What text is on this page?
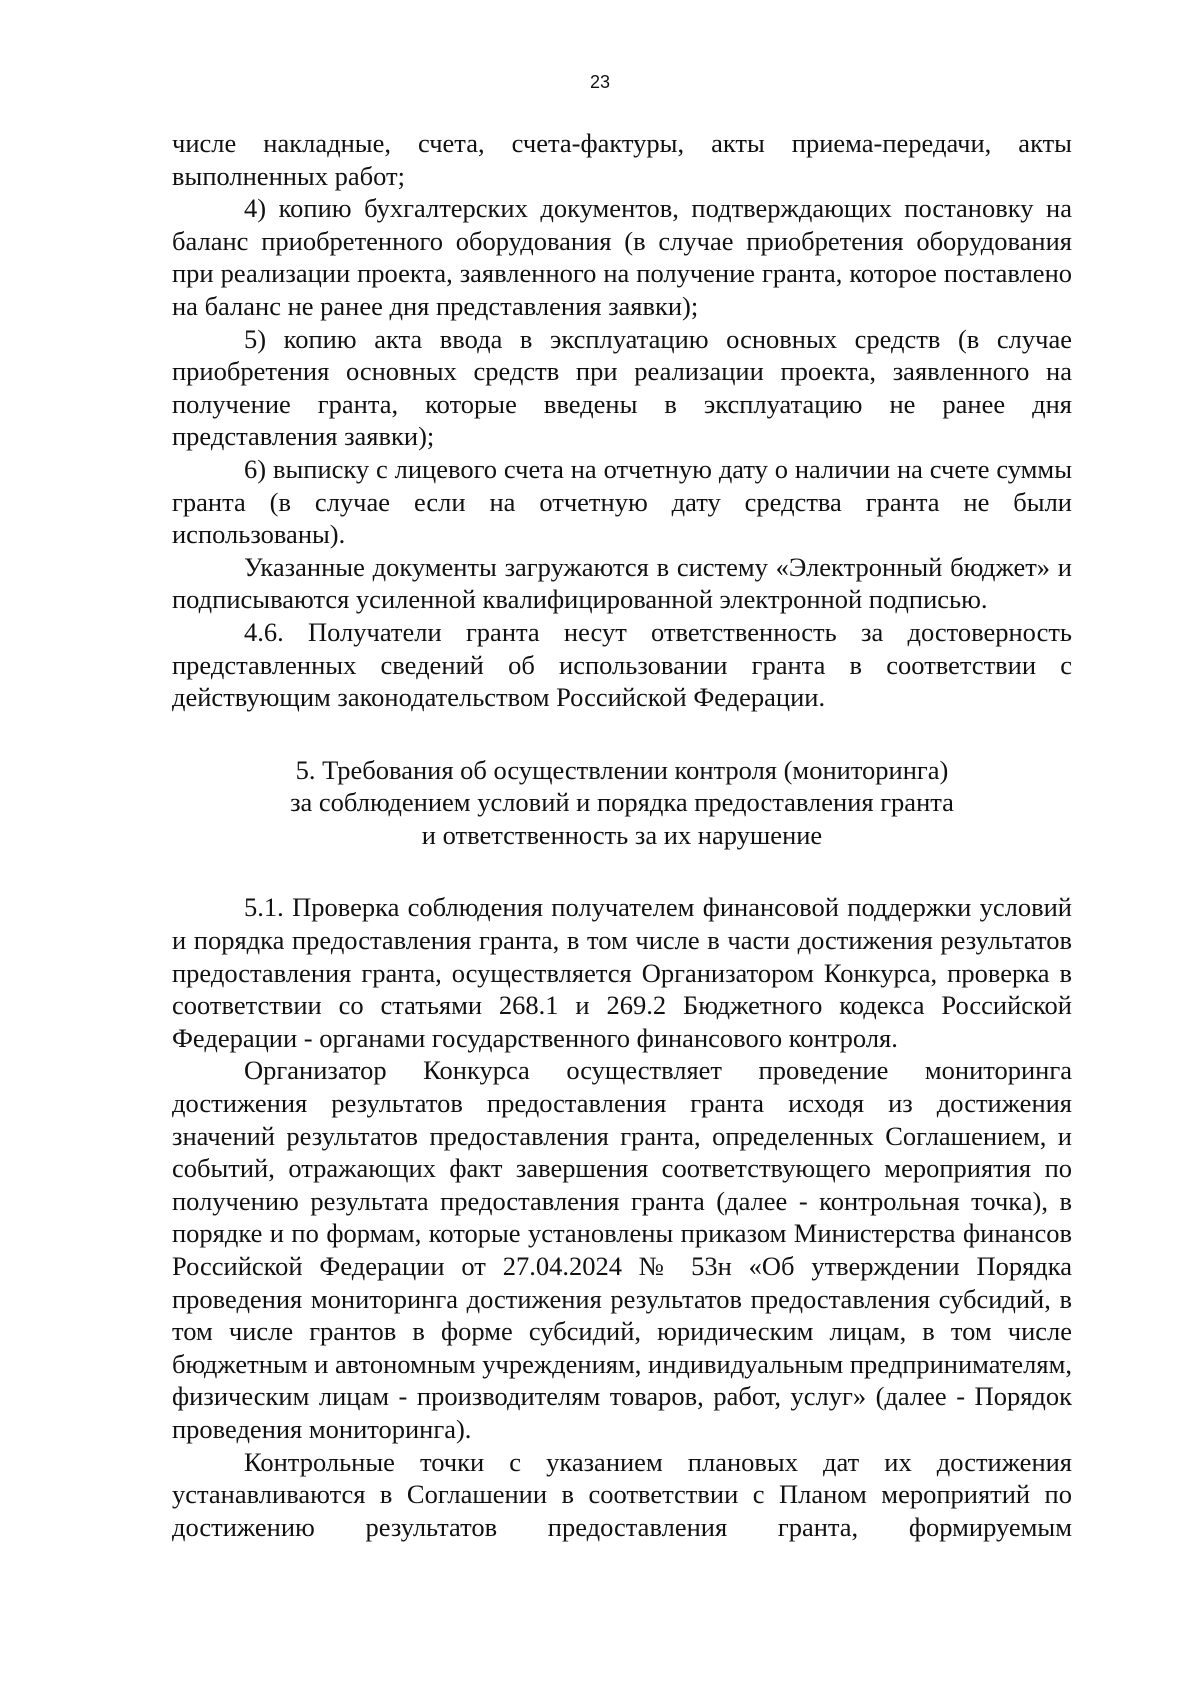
23

числе накладные, счета, счета-фактуры, акты приема-передачи, акты выполненных работ;

4) копию бухгалтерских документов, подтверждающих постановку на баланс приобретенного оборудования (в случае приобретения оборудования при реализации проекта, заявленного на получение гранта, которое поставлено на баланс не ранее дня представления заявки);

5) копию акта ввода в эксплуатацию основных средств (в случае приобретения основных средств при реализации проекта, заявленного на получение гранта, которые введены в эксплуатацию не ранее дня представления заявки);

6) выписку с лицевого счета на отчетную дату о наличии на счете суммы гранта (в случае если на отчетную дату средства гранта не были использованы).

Указанные документы загружаются в систему «Электронный бюджет» и подписываются усиленной квалифицированной электронной подписью.

4.6. Получатели гранта несут ответственность за достоверность представленных сведений об использовании гранта в соответствии с действующим законодательством Российской Федерации.

5. Требования об осуществлении контроля (мониторинга)
за соблюдением условий и порядка предоставления гранта
и ответственность за их нарушение

5.1. Проверка соблюдения получателем финансовой поддержки условий и порядка предоставления гранта, в том числе в части достижения результатов предоставления гранта, осуществляется Организатором Конкурса, проверка в соответствии со статьями 268.1 и 269.2 Бюджетного кодекса Российской Федерации - органами государственного финансового контроля.

Организатор Конкурса осуществляет проведение мониторинга достижения результатов предоставления гранта исходя из достижения значений результатов предоставления гранта, определенных Соглашением, и событий, отражающих факт завершения соответствующего мероприятия по получению результата предоставления гранта (далее - контрольная точка), в порядке и по формам, которые установлены приказом Министерства финансов Российской Федерации от 27.04.2024 № 53н «Об утверждении Порядка проведения мониторинга достижения результатов предоставления субсидий, в том числе грантов в форме субсидий, юридическим лицам, в том числе бюджетным и автономным учреждениям, индивидуальным предпринимателям, физическим лицам - производителям товаров, работ, услуг» (далее - Порядок проведения мониторинга).

Контрольные точки с указанием плановых дат их достижения устанавливаются в Соглашении в соответствии с Планом мероприятий по достижению результатов предоставления гранта, формируемым
